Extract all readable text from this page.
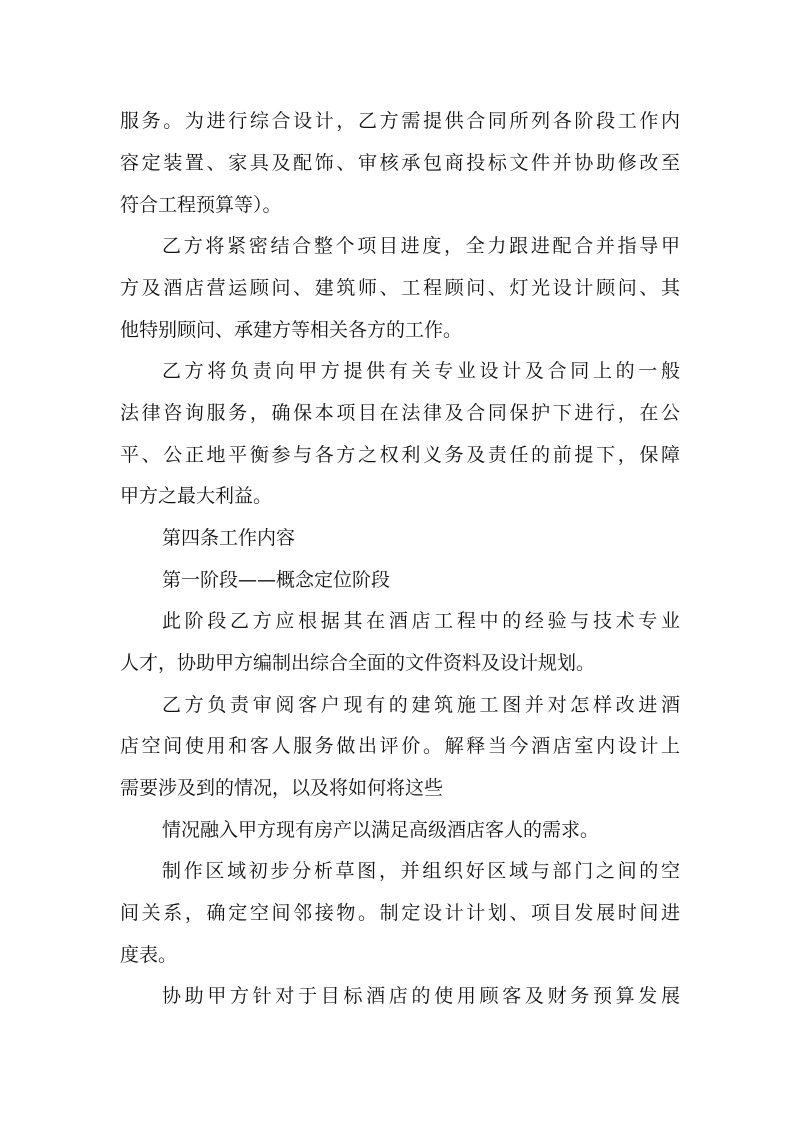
服务。为进行综合设计，乙方需提供合同所列各阶段工作内
容定装置、家具及配饰、审核承包商投标文件并协助修改至
符合工程预算等）。
乙方将紧密结合整个项目进度，全力跟进配合并指导甲
方及酒店营运顾问、建筑师、工程顾问、灯光设计顾问、其
他特别顾问、承建方等相关各方的工作。
乙方将负责向甲方提供有关专业设计及合同上的一般
法律咨询服务，确保本项目在法律及合同保护下进行，在公
平、公正地平衡参与各方之权利义务及责任的前提下，保障
甲方之最大利益。
第四条工作内容
第一阶段——概念定位阶段
此阶段乙方应根据其在酒店工程中的经验与技术专业
人才，协助甲方编制出综合全面的文件资料及设计规划。
乙方负责审阅客户现有的建筑施工图并对怎样改进酒
店空间使用和客人服务做出评价。解释当今酒店室内设计上
需要涉及到的情况，以及将如何将这些
情况融入甲方现有房产以满足高级酒店客人的需求。
制作区域初步分析草图，并组织好区域与部门之间的空
间关系，确定空间邻接物。制定设计计划、项目发展时间进
度表。
协助甲方针对于目标酒店的使用顾客及财务预算发展
